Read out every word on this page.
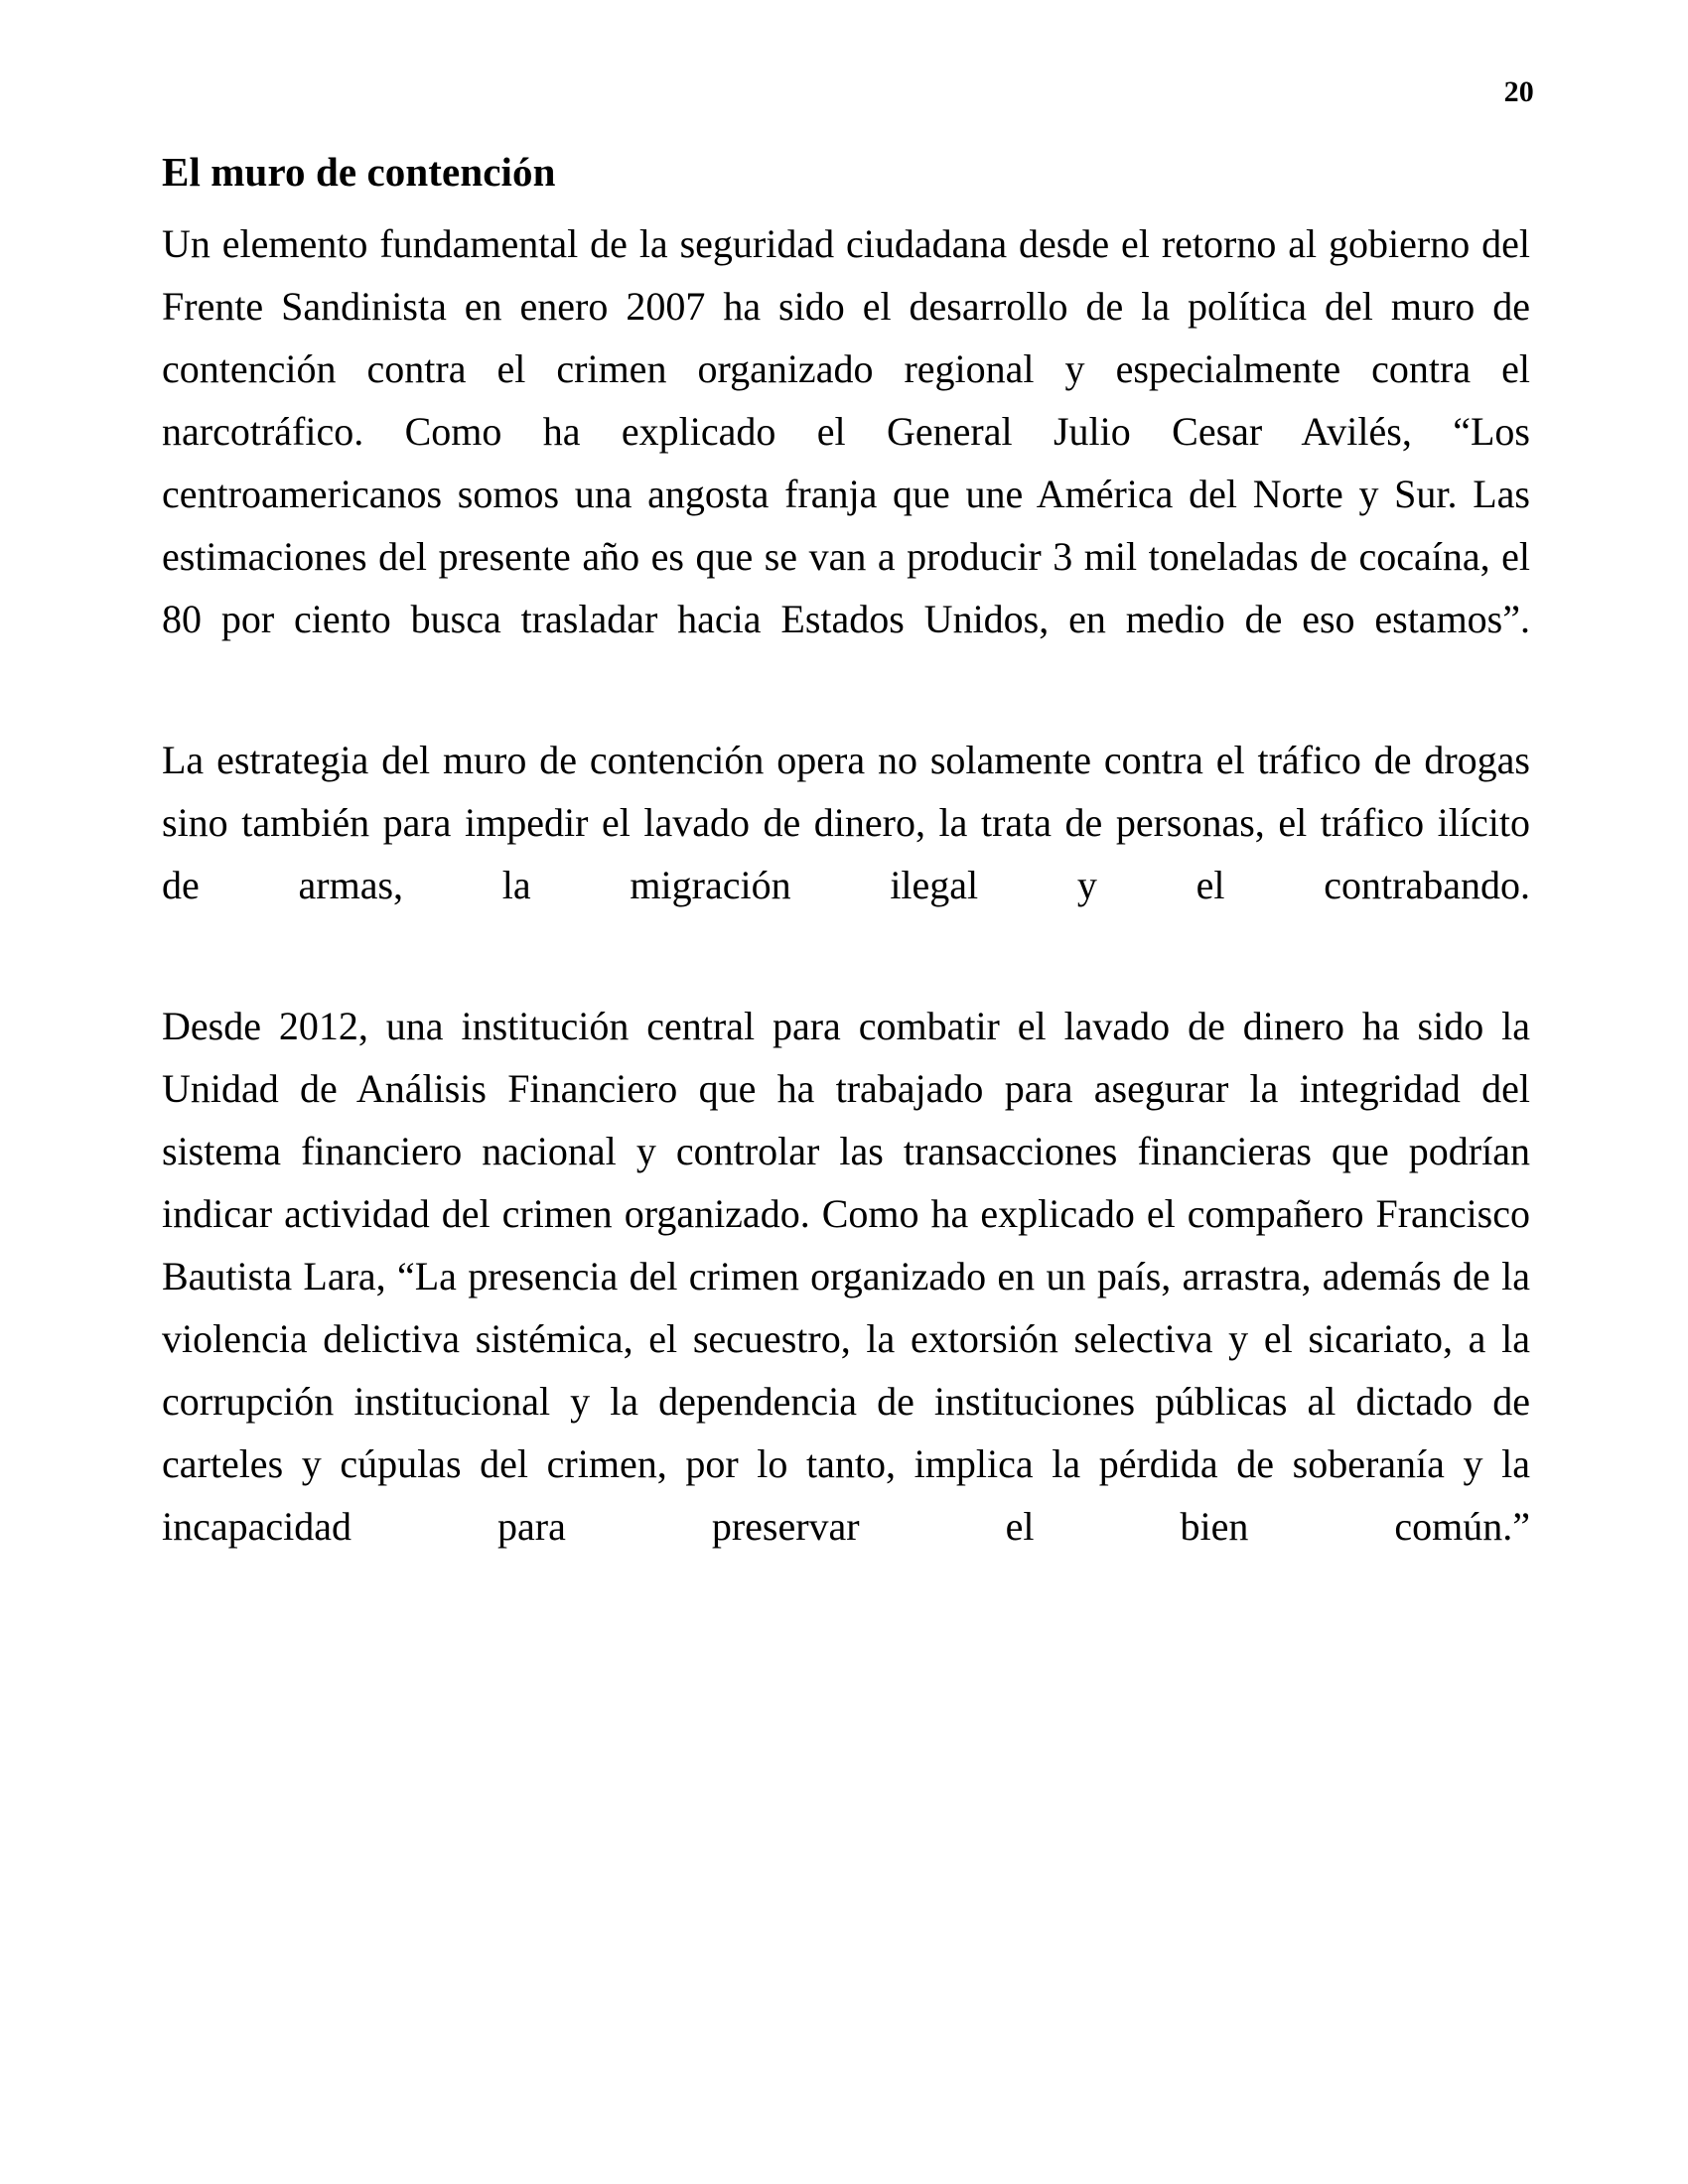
20
El muro de contención

Un elemento fundamental de la seguridad ciudadana desde el retorno al gobierno del Frente Sandinista en enero 2007 ha sido el desarrollo de la política del muro de contención contra el crimen organizado regional y especialmente contra el narcotráfico. Como ha explicado el General Julio Cesar Avilés, “Los centroamericanos somos una angosta franja que une América del Norte y Sur. Las estimaciones del presente año es que se van a producir 3 mil toneladas de cocaína, el 80 por ciento busca trasladar hacia Estados Unidos, en medio de eso estamos”.

La estrategia del muro de contención opera no solamente contra el tráfico de drogas sino también para impedir el lavado de dinero, la trata de personas, el tráfico ilícito de armas, la migración ilegal y el contrabando.

Desde 2012, una institución central para combatir el lavado de dinero ha sido la Unidad de Análisis Financiero que ha trabajado para asegurar la integridad del sistema financiero nacional y controlar las transacciones financieras que podrían indicar actividad del crimen organizado. Como ha explicado el compañero Francisco Bautista Lara, “La presencia del crimen organizado en un país, arrastra, además de la violencia delictiva sistémica, el secuestro, la extorsión selectiva y el sicariato, a la corrupción institucional y la dependencia de instituciones públicas al dictado de carteles y cúpulas del crimen, por lo tanto, implica la pérdida de soberanía y la incapacidad para preservar el bien común.”
